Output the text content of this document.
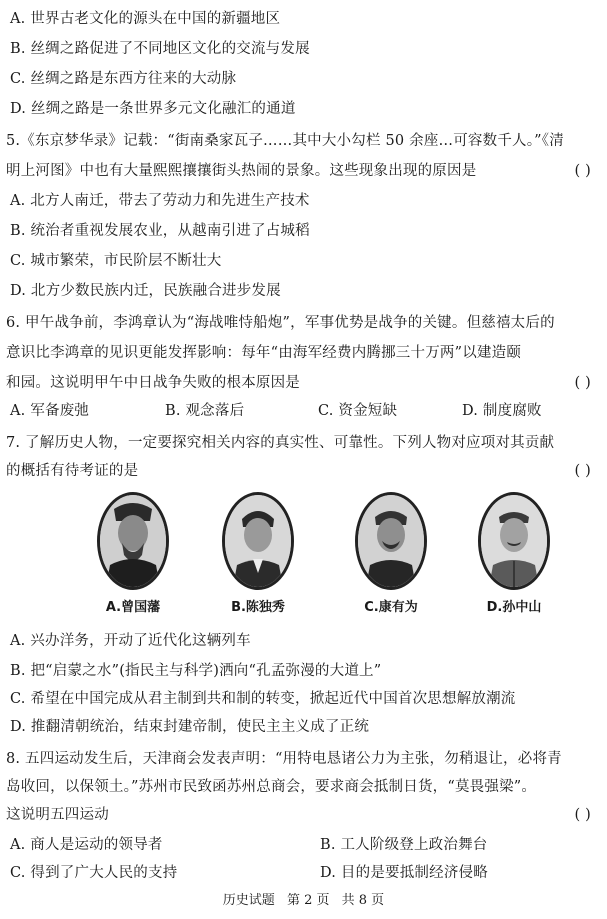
A. 世界古老文化的源头在中国的新疆地区
B. 丝绸之路促进了不同地区文化的交流与发展
C. 丝绸之路是东西方往来的大动脉
D. 丝绸之路是一条世界多元文化融汇的通道
5.《东京梦华录》记载：“街南桑家瓦子……其中大小勾栏 50 余座…可容数千人。”《清
明上河图》中也有大量熙熙攘攘街头热闹的景象。这些现象出现的原因是	( )
A. 北方人南迁，带去了劳动力和先进生产技术
B. 统治者重视发展农业，从越南引进了占城稻
C. 城市繁荣，市民阶层不断壮大
D. 北方少数民族内迁，民族融合进步发展
6. 甲午战争前，李鸿章认为“海战唯恃船炮”，军事优势是战争的关键。但慈禧太后的
意识比李鸿章的见识更能发挥影响：每年“由海军经费内腾挪三十万两”以建造颐
和园。这说明甲午中日战争失败的根本原因是	( )
A. 军备废弛	B. 观念落后	C. 资金短缺	D. 制度腐败
7. 了解历史人物，一定要探究相关内容的真实性、可靠性。下列人物对应项对其贡献
的概括有待考证的是	( )
A.曾国藩	B.陈独秀	C.康有为	D.孙中山
A. 兴办洋务，开动了近代化这辆列车
B. 把“启蒙之水”(指民主与科学)洒向“孔孟弥漫的大道上”
C. 希望在中国完成从君主制到共和制的转变，掀起近代中国首次思想解放潮流
D. 推翻清朝统治，结束封建帝制，使民主主义成了正统
8. 五四运动发生后，天津商会发表声明：“用特电恳诸公力为主张，勿稍退让，必将青
岛收回，以保领土。”苏州市民致函苏州总商会，要求商会抵制日货，“莫畏强梁”。
这说明五四运动	( )
A. 商人是运动的领导者	B. 工人阶级登上政治舞台
C. 得到了广大人民的支持	D. 目的是要抵制经济侵略
历史试题 第 2 页 共 8 页
